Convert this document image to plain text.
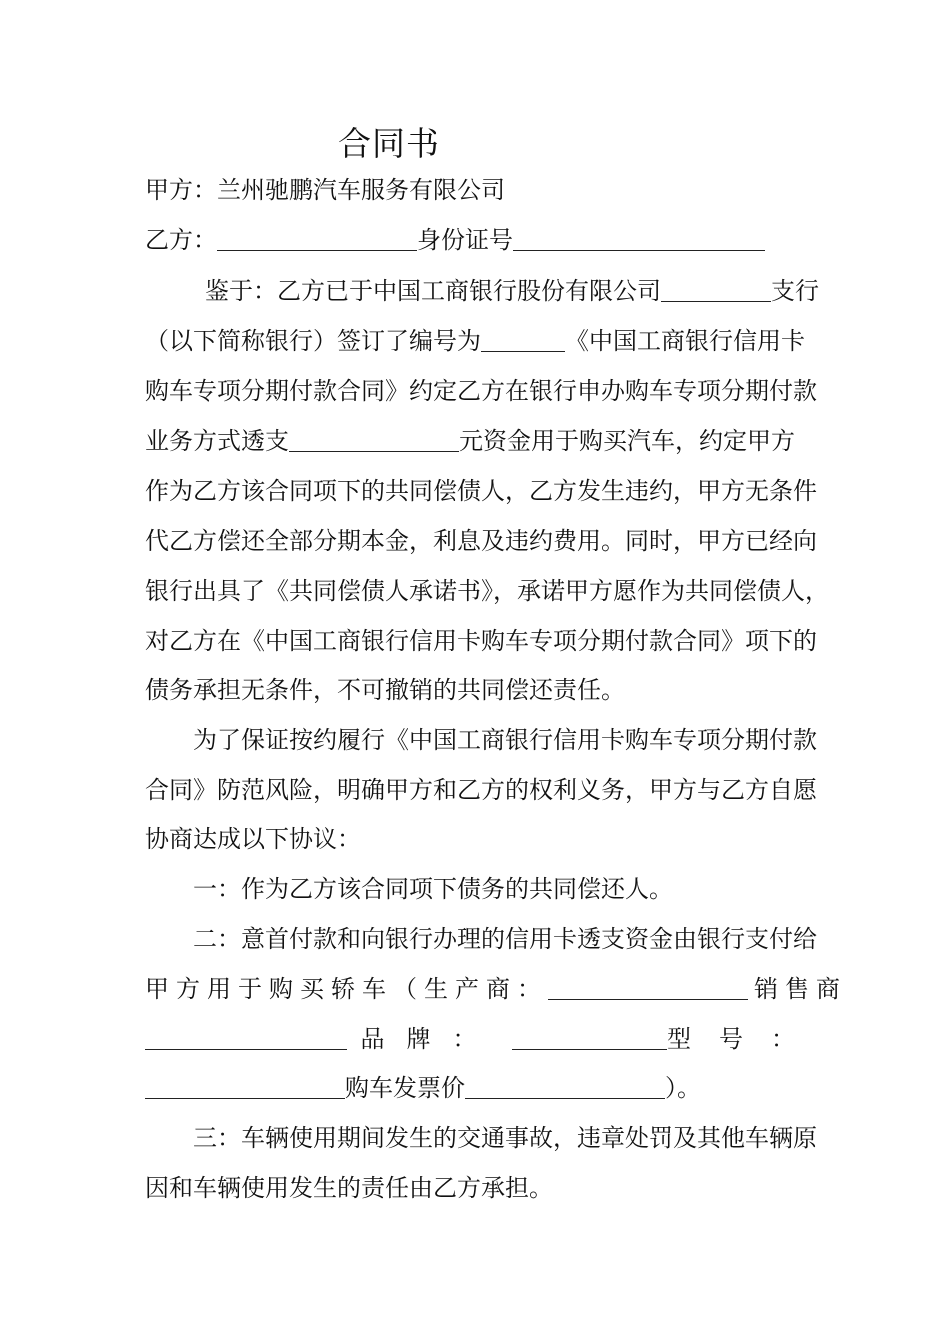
合同书
甲方：兰州驰鹏汽车服务有限公司
乙方：	身份证号
鉴于：乙方已于中国工商银行股份有限公司	支行
（以下简称银行）签订了编号为	《中国工商银行信用卡
购车专项分期付款合同》约定乙方在银行申办购车专项分期付款
业务方式透支	元资金用于购买汽车，约定甲方
作为乙方该合同项下的共同偿债人，乙方发生违约，甲方无条件
代乙方偿还全部分期本金，利息及违约费用。同时，甲方已经向
银行出具了《共同偿债人承诺书》，承诺甲方愿作为共同偿债人，
对乙方在《中国工商银行信用卡购车专项分期付款合同》项下的
债务承担无条件，不可撤销的共同偿还责任。
为了保证按约履行《中国工商银行信用卡购车专项分期付款
合同》防范风险，明确甲方和乙方的权利义务，甲方与乙方自愿
协商达成以下协议：
一：作为乙方该合同项下债务的共同偿还人。
二：意首付款和向银行办理的信用卡透支资金由银行支付给
甲方用于购买轿车（生产商：	销售商
品牌：	型号：
购车发票价	）。
三：车辆使用期间发生的交通事故，违章处罚及其他车辆原
因和车辆使用发生的责任由乙方承担。
